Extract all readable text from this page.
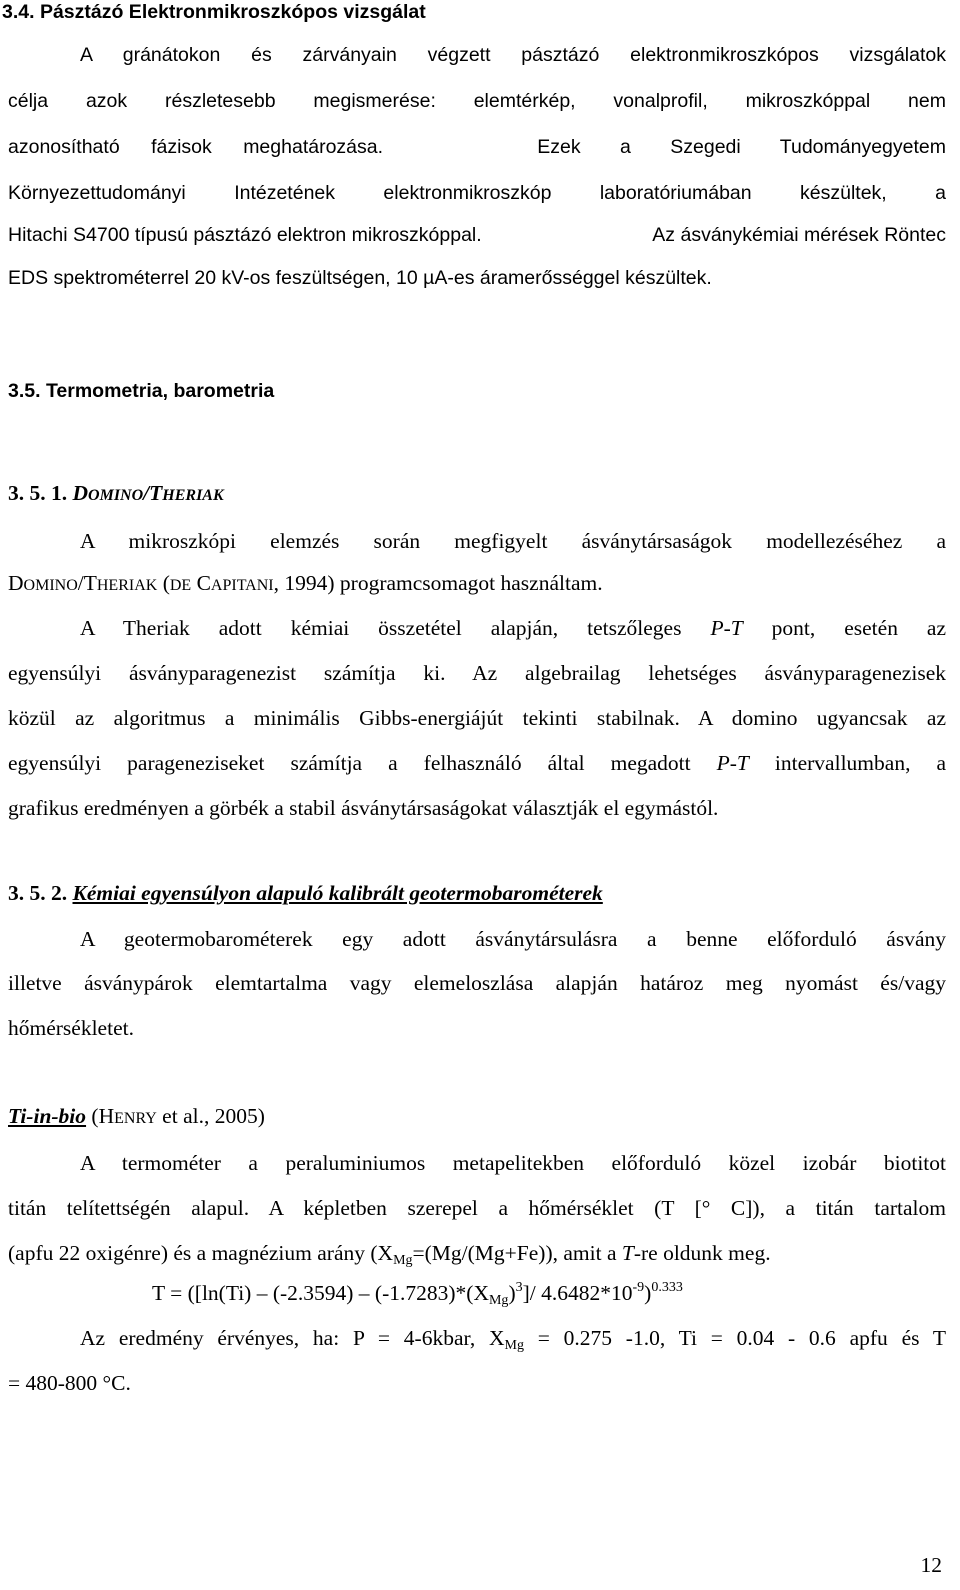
3.4. Pásztázó Elektronmikroszkópos vizsgálat
A gránátokon és zárványain végzett pásztázó elektronmikroszkópos vizsgálatok
célja azok részletesebb megismerése: elemtérkép, vonalprofil, mikroszkóppal nem
azonosítható fázisok meghatározása.	Ezek a Szegedi Tudományegyetem
Környezettudományi Intézetének elektronmikroszkóp laboratóriumában készültek, a
Hitachi S4700 típusú pásztázó elektron mikroszkóppal.	Az ásványkémiai mérések Röntec
EDS spektrométerrel 20 kV-os feszültségen, 10 µA-es áramerősséggel készültek.
3.5. Termometria, barometria
3. 5. 1. DOMINO/THERIAK
A mikroszkópi elemzés során megfigyelt ásványtársaságok modellezéséhez a
DOMINO/THERIAK (DE CAPITANI, 1994) programcsomagot használtam.
A Theriak adott kémiai összetétel alapján, tetszőleges P-T pont, esetén az
egyensúlyi ásványparagenezist számítja ki. Az algebrailag lehetséges ásványparagenezisek
közül az algoritmus a minimális Gibbs-energiájút tekinti stabilnak. A domino ugyancsak az
egyensúlyi parageneziseket számítja a felhasználó által megadott P-T intervallumban, a
grafikus eredményen a görbék a stabil ásványtársaságokat választják el egymástól.
3. 5. 2. Kémiai egyensúlyon alapuló kalibrált geotermobarométerek
A geotermobarométerek egy adott ásványtársulásra a benne előforduló ásvány
illetve ásványpárok elemtartalma vagy elemeloszlása alapján határoz meg nyomást és/vagy
hőmérsékletet.
Ti-in-bio (HENRY et al., 2005)
A termométer a peraluminiumos metapelitekben előforduló közel izobár biotitot
titán telítettségén alapul. A képletben szerepel a hőmérséklet (T [° C]), a titán tartalom
(apfu 22 oxigénre) és a magnézium arány ($X_{Mg}=(Mg/(Mg+Fe))$, amit a T-re oldunk meg.
$T = ([\ln(Ti) - (-2.3594) - (-1.7283)*(X_{Mg})^3]/$ $4.6482*10^{-9})^{0.333}$
Az eredmény érvényes, ha: P = 4-6kbar, $X_{Mg} = 0.275$ -1.0, Ti = 0.04 - 0.6 apfu és T
= 480-800 °C.
12
